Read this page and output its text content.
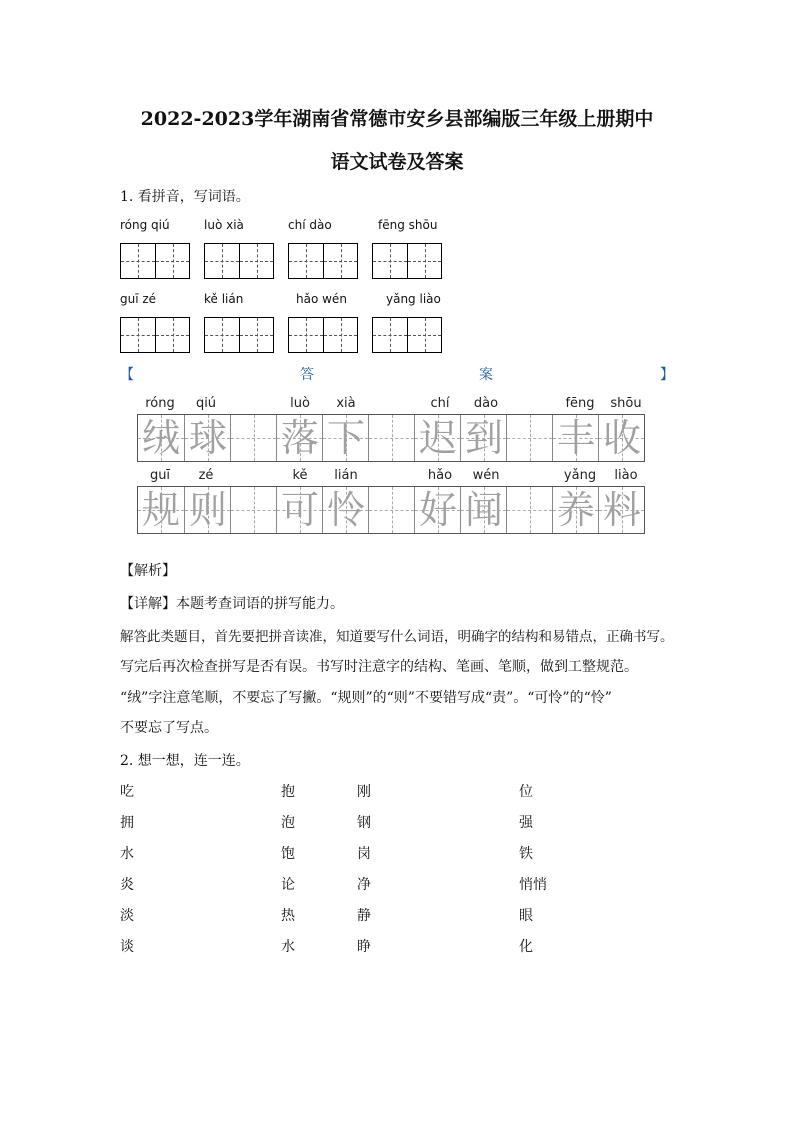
2022-2023学年湖南省常德市安乡县部编版三年级上册期中
语文试卷及答案
1. 看拼音，写词语。
róng qiú	luò xià	chí dào	fēng shōu
guī zé	kě lián	hǎo wén	yǎng liào
【	答	案	】
róng	qiú	luò	xià	chí	dào	fēng	shōu
绒 球 落 下 迟 到 丰 收
guī	zé	kě	lián	hǎo	wén	yǎng	liào
规 则 可 怜 好 闻 养 料
【解析】
【详解】本题考查词语的拼写能力。
解答此类题目，首先要把拼音读准，知道要写什么词语，明确字的结构和易错点，正确书写。
写完后再次检查拼写是否有误。书写时注意字的结构、笔画、笔顺，做到工整规范。
“绒”字注意笔顺，不要忘了写撇。“规则”的“则”不要错写成“责”。“可怜”的“怜”
不要忘了写点。
2. 想一想，连一连。
吃	抱	刚	位
拥	泡	钢	强
水	饱	岗	铁
炎	论	净	悄悄
淡	热	静	眼
谈	水	睁	化
